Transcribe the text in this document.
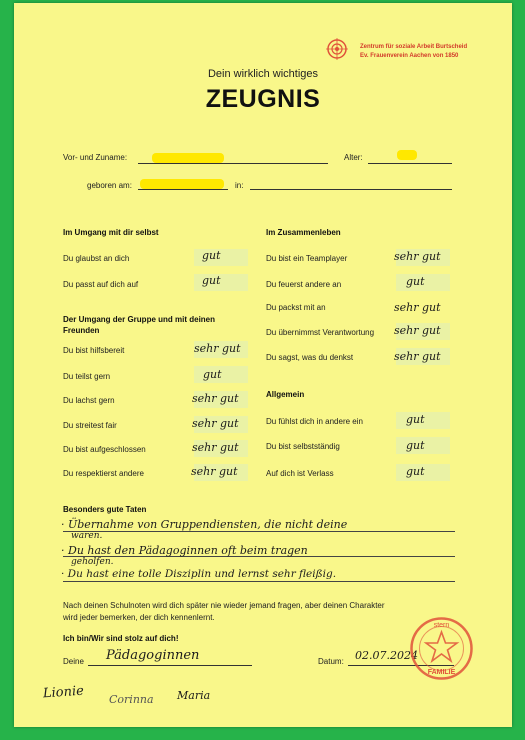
Zentrum für soziale Arbeit Burtscheid
Ev. Frauenverein Aachen von 1850
Dein wirklich wichtiges
ZEUGNIS
Vor- und Zuname:	Alter:
geboren am:	in:
Im Umgang mit dir selbst
Du glaubst an dich	gut
Du passt auf dich auf	gut
Der Umgang der Gruppe und mit deinen Freunden
Du bist hilfsbereit	sehr gut
Du teilst gern	gut
Du lachst gern	sehr gut
Du streitest fair	sehr gut
Du bist aufgeschlossen	sehr gut
Du respektierst andere	sehr gut
Im Zusammenleben
Du bist ein Teamplayer	sehr gut
Du feuerst andere an	gut
Du packst mit an	sehr gut
Du übernimmst Verantwortung sehr gut
Du sagst, was du denkst	sehr gut
Allgemein
Du fühlst dich in andere ein	gut
Du bist selbstständig	gut
Auf dich ist Verlass	gut
Besonders gute Taten
· Übernahme von Gruppendiensten, die nicht deine
waren.
· Du hast den Pädagoginnen oft beim tragen
geholfen.
· Du hast eine tolle Disziplin und lernst sehr fleißig.
Nach deinen Schulnoten wird dich später nie wieder jemand fragen, aber deinen Charakter
wird jeder bemerken, der dich kennenlernt.
Ich bin/Wir sind stolz auf dich!
Deine Pädagoginnen	Datum: 02.07.2024
stern
FAMILIE
Lionie Corinna Maria
